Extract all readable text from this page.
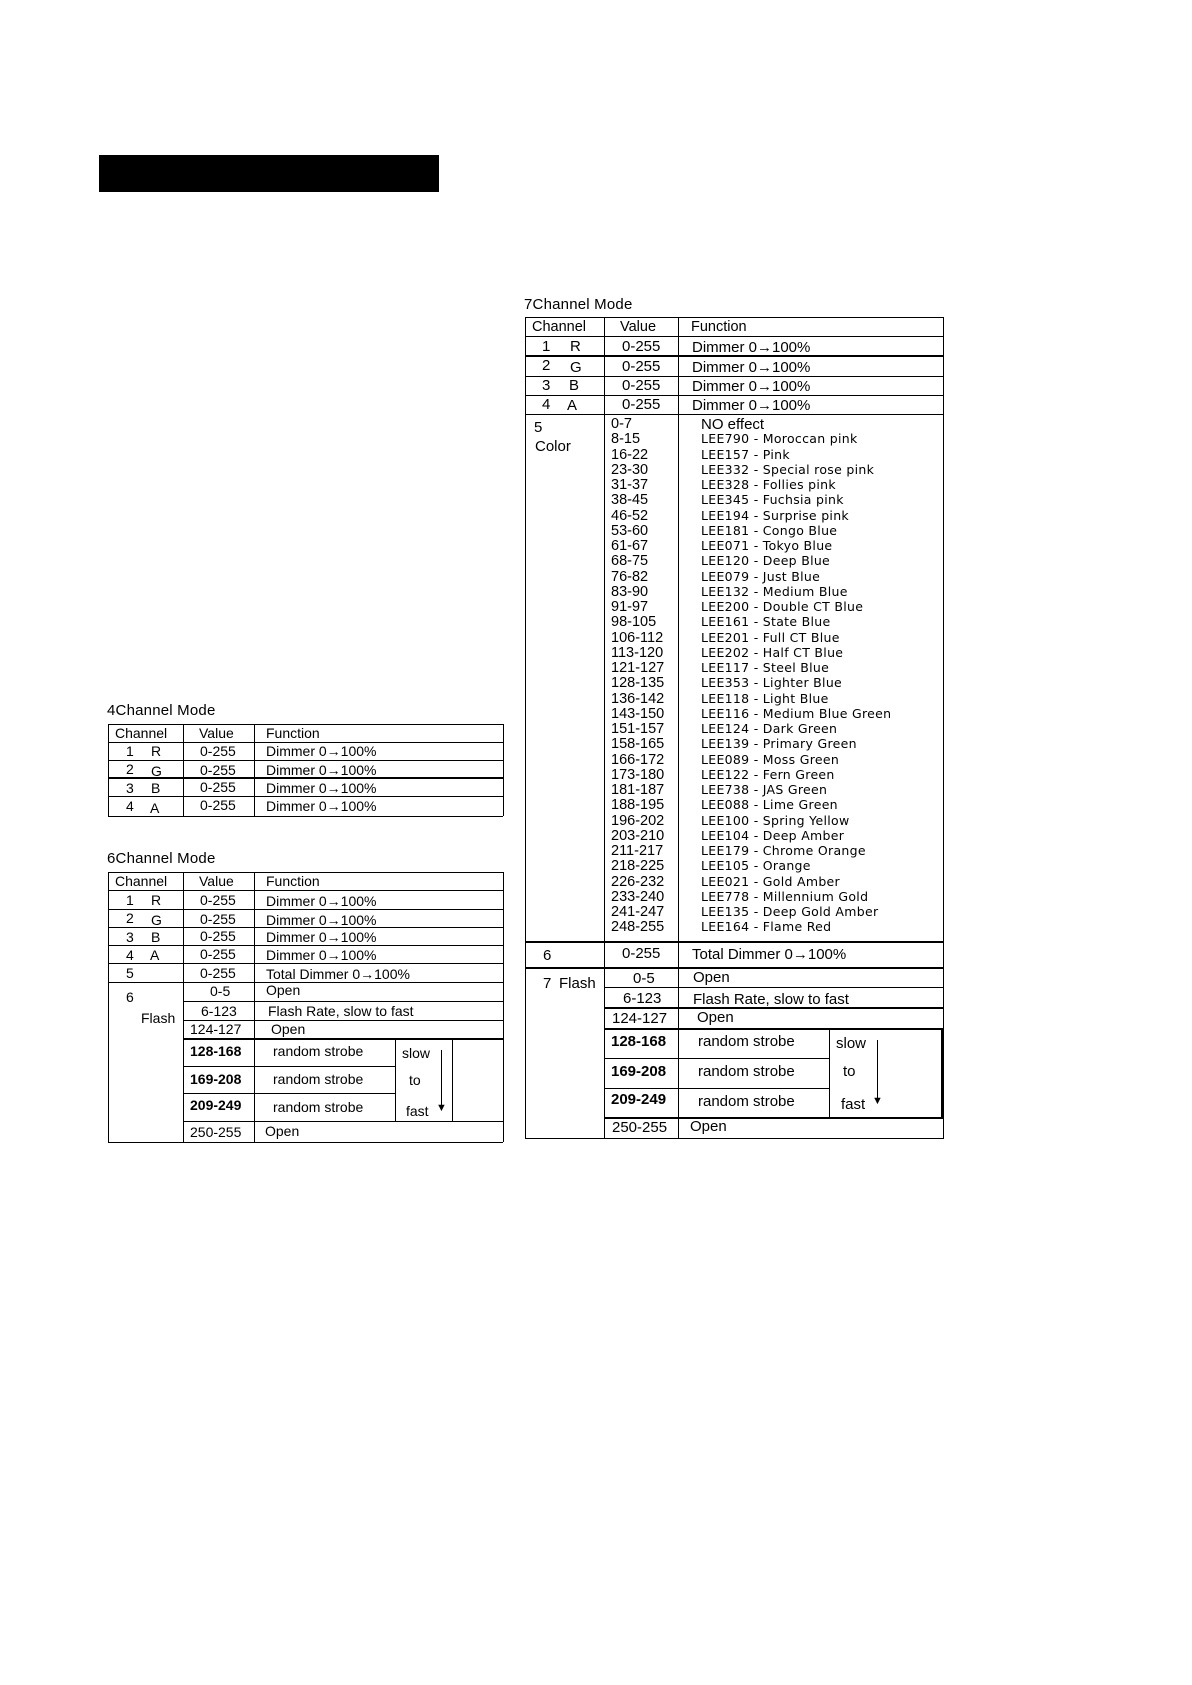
4Channel Mode
Channel Value Function
1 R	0-255 Dimmer 0→100%
2 G	0-255 Dimmer 0→100%
3 B	0-255 Dimmer 0→100%
4 A	0-255 Dimmer 0→100%
6Channel Mode
Channel Value Function
1 R	0-255 Dimmer 0→100%
2 G	0-255 Dimmer 0→100%
3 B	0-255 Dimmer 0→100%
4 A	0-255 Dimmer 0→100%
5	0-255 Total Dimmer 0→100%
6
Flash
0-5	Open
6-123 Flash Rate, slow to fast
124-127 Open
128-168 random strobe
169-208 random strobe
209-249 random strobe
slow
to
fast ▼
250-255 Open
7Channel Mode
Channel Value Function
1 R	0-255 Dimmer 0→100%
2 G	0-255 Dimmer 0→100%
3 B	0-255 Dimmer 0→100%
4 A	0-255 Dimmer 0→100%
5
Color
0-7	NO effect
8-15	LEE790 - Moroccan pink
16-22	LEE157 - Pink
23-30	LEE332 - Special rose pink
31-37	LEE328 - Follies pink
38-45	LEE345 - Fuchsia pink
46-52	LEE194 - Surprise pink
53-60	LEE181 - Congo Blue
61-67	LEE071 - Tokyo Blue
68-75	LEE120 - Deep Blue
76-82	LEE079 - Just Blue
83-90	LEE132 - Medium Blue
91-97	LEE200 - Double CT Blue
98-105	LEE161 - State Blue
106-112	LEE201 - Full CT Blue
113-120	LEE202 - Half CT Blue
121-127	LEE117 - Steel Blue
128-135	LEE353 - Lighter Blue
136-142	LEE118 - Light Blue
143-150	LEE116 - Medium Blue Green
151-157	LEE124 - Dark Green
158-165	LEE139 - Primary Green
166-172	LEE089 - Moss Green
173-180	LEE122 - Fern Green
181-187	LEE738 - JAS Green
188-195	LEE088 - Lime Green
196-202	LEE100 - Spring Yellow
203-210	LEE104 - Deep Amber
211-217	LEE179 - Chrome Orange
218-225	LEE105 - Orange
226-232	LEE021 - Gold Amber
233-240	LEE778 - Millennium Gold
241-247	LEE135 - Deep Gold Amber
248-255	LEE164 - Flame Red
6	0-255 Total Dimmer 0→100%
7 Flash 0-5	Open
6-123 Flash Rate, slow to fast
124-127 Open
128-168 random strobe
169-208 random strobe
209-249 random strobe
slow
to
fast ▼
250-255 Open
